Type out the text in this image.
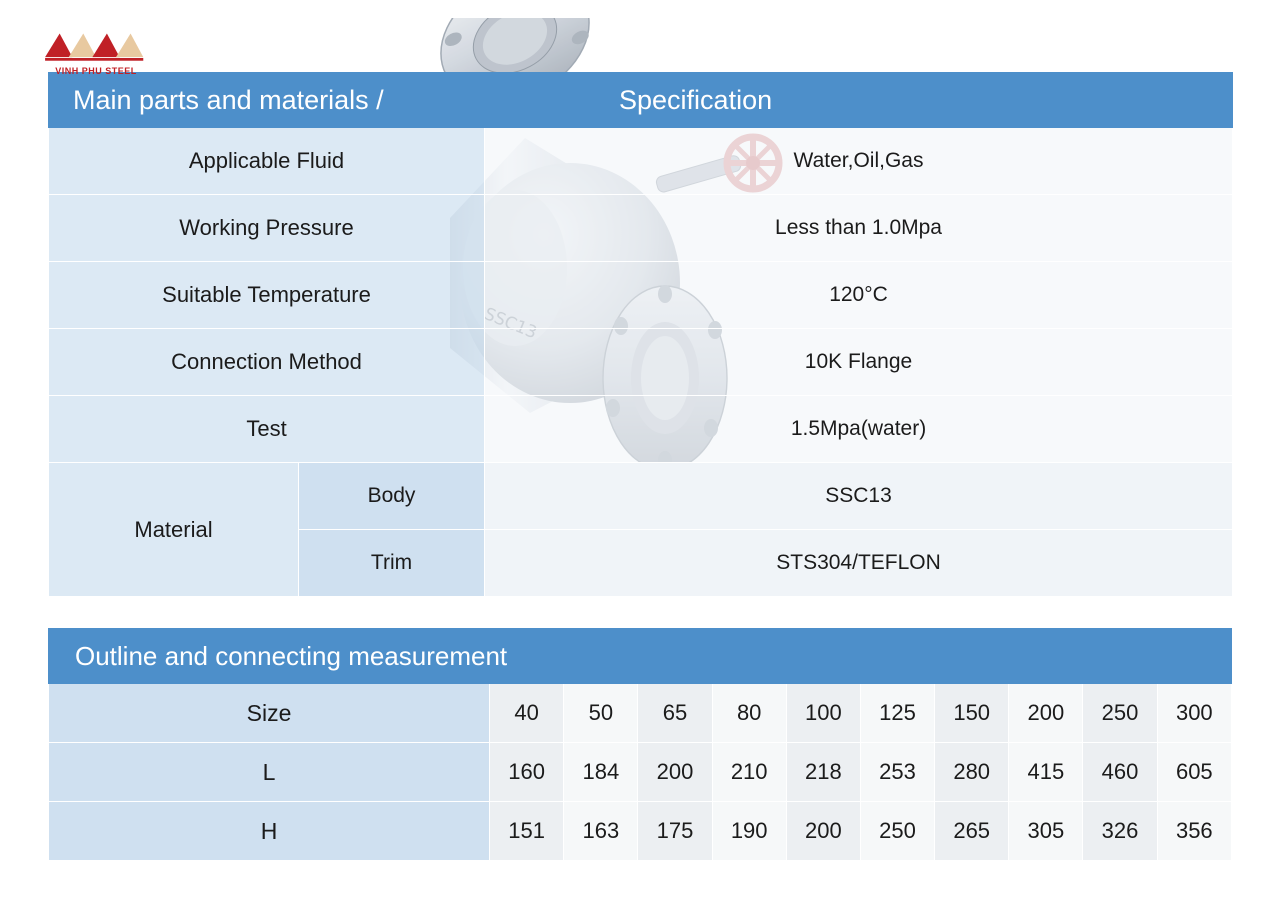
VINH PHU STEEL
Main parts and materials /		Specification
Applicable Fluid		Water,Oil,Gas
Working Pressure		Less than 1.0Mpa
Suitable Temperature		120°C
Connection Method		10K Flange
Test		1.5Mpa(water)
Material	Body	SSC13
	Trim	STS304/TEFLON
Outline and connecting measurement										
Size	40	50	65	80	100	125	150	200	250	300
L	160	184	200	210	218	253	280	415	460	605
H	151	163	175	190	200	250	265	305	326	356
